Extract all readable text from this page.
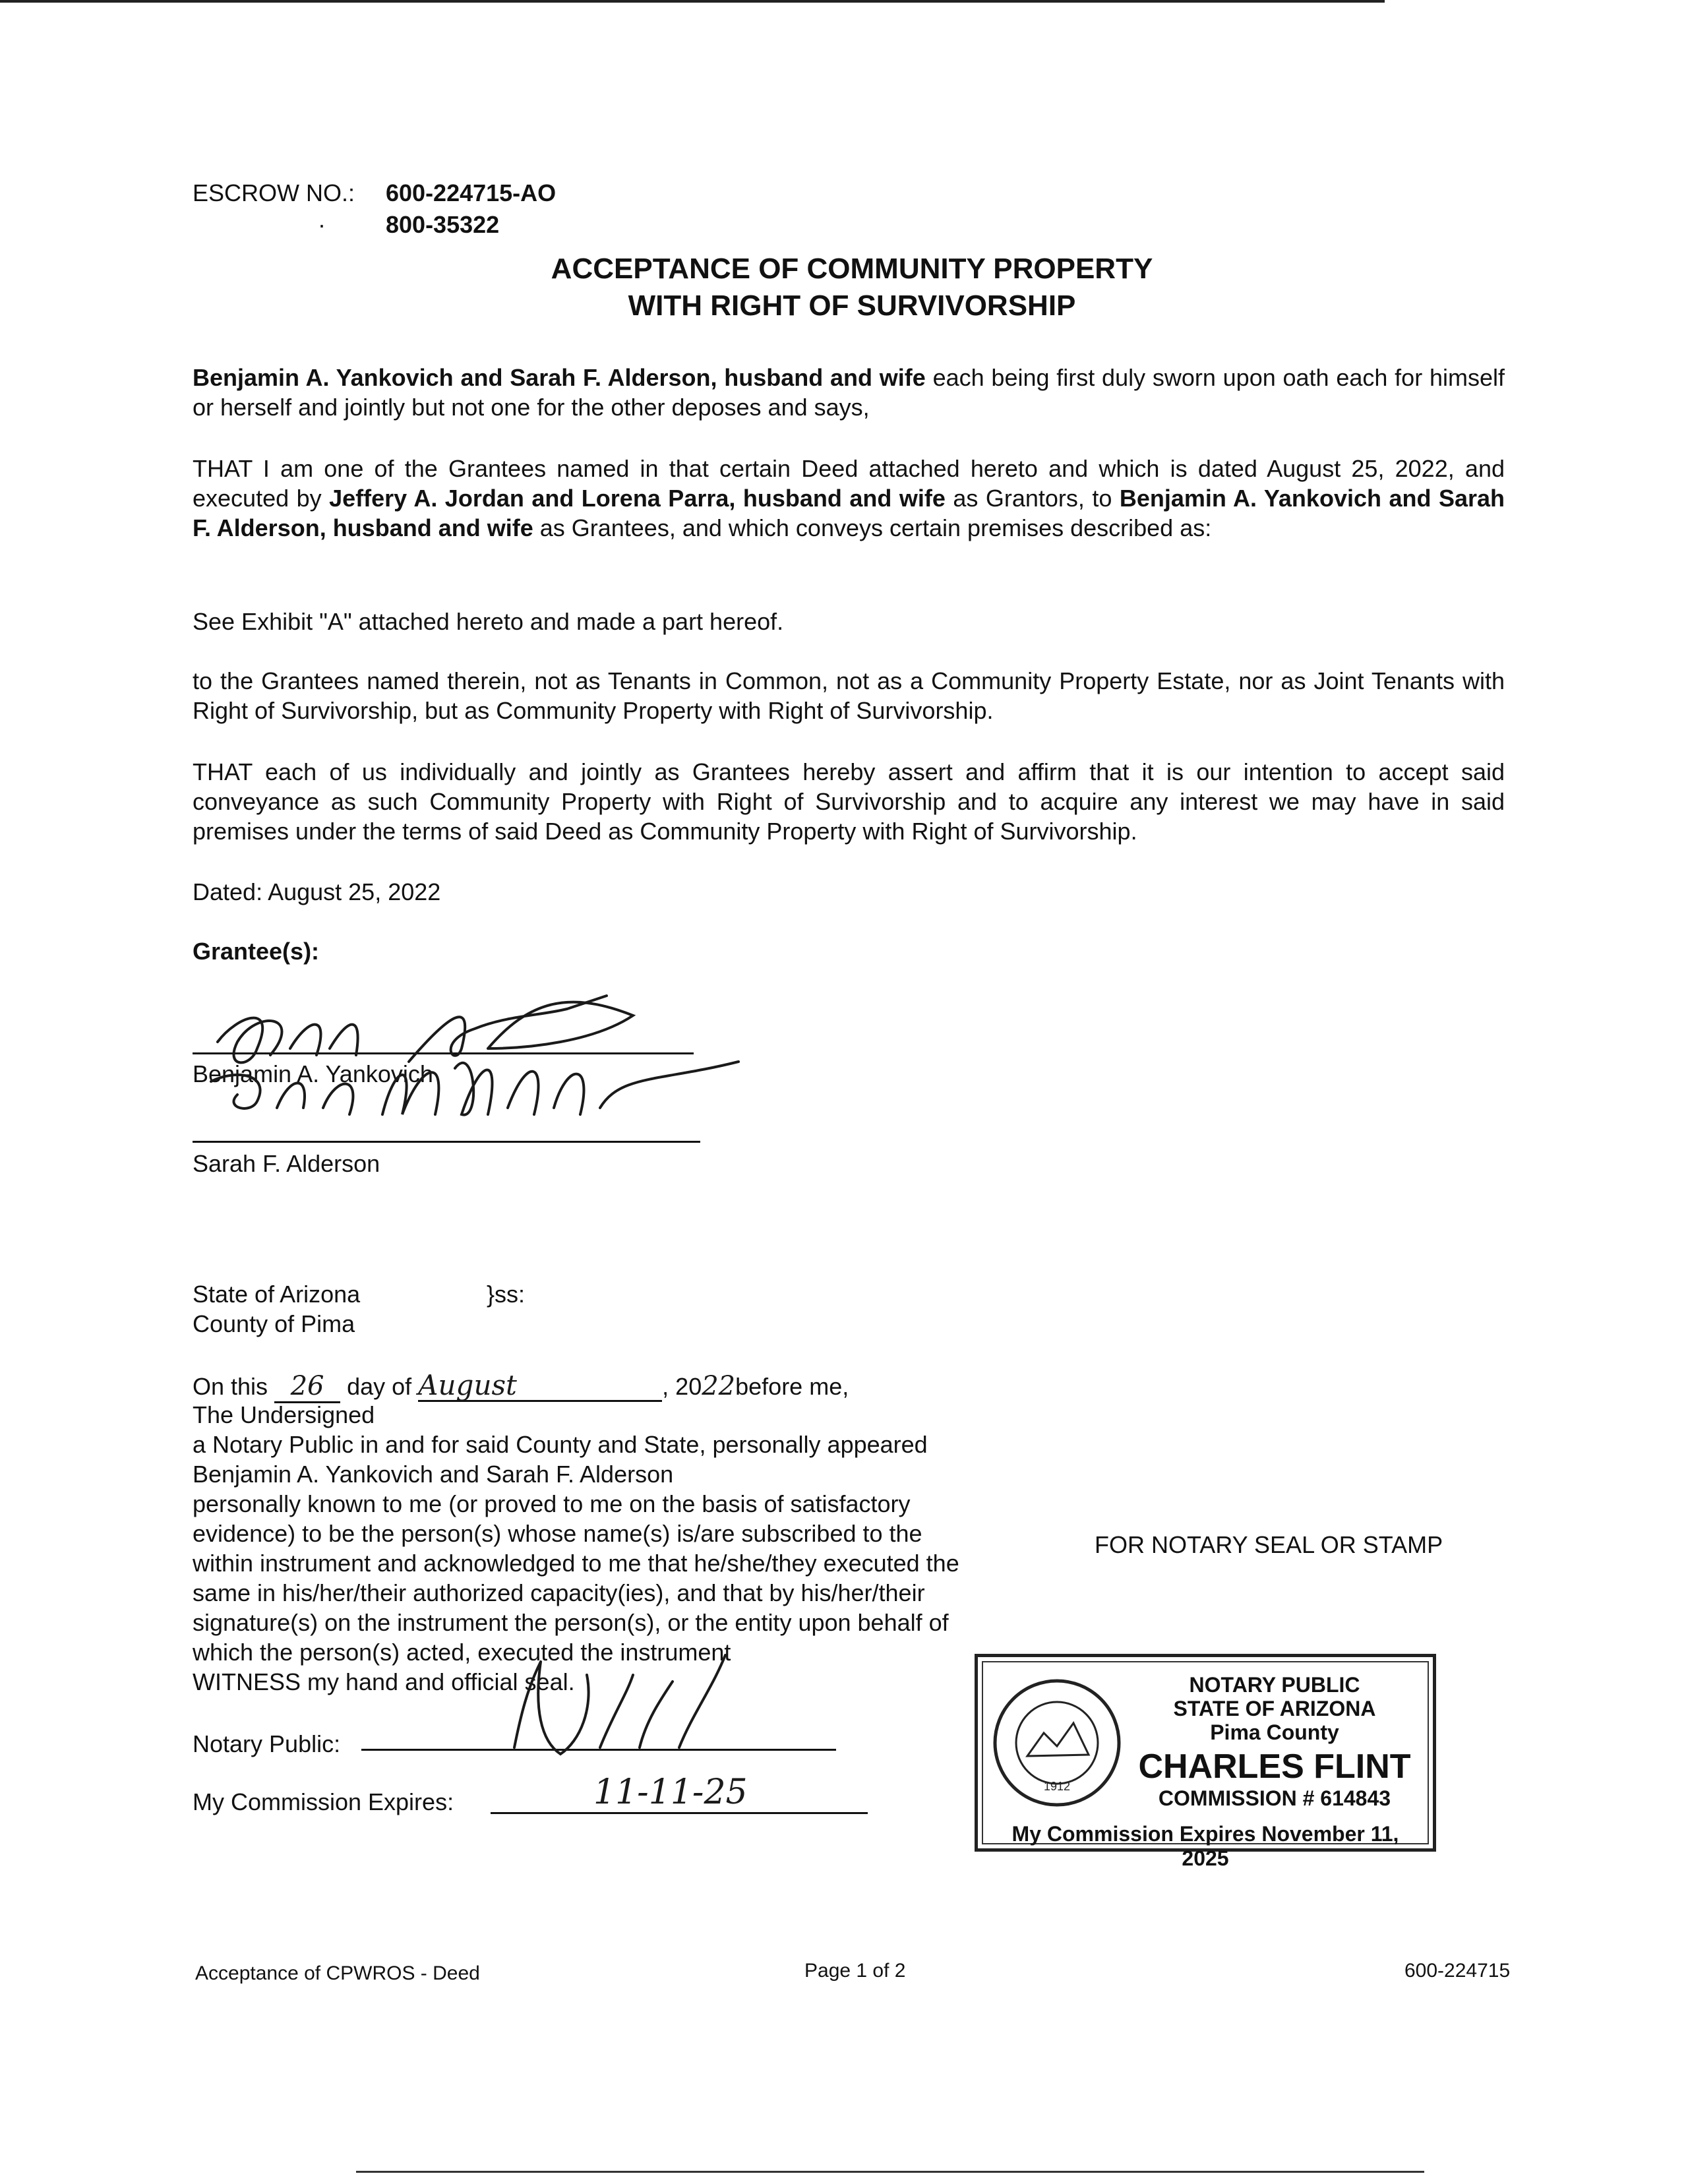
ESCROW NO.: 600-224715-AO
·	800-35322
ACCEPTANCE OF COMMUNITY PROPERTY
WITH RIGHT OF SURVIVORSHIP
Benjamin A. Yankovich and Sarah F. Alderson, husband and wife each being first duly sworn upon oath each for himself or herself and jointly but not one for the other deposes and says,
THAT I am one of the Grantees named in that certain Deed attached hereto and which is dated August 25, 2022, and executed by Jeffery A. Jordan and Lorena Parra, husband and wife as Grantors, to Benjamin A. Yankovich and Sarah F. Alderson, husband and wife as Grantees, and which conveys certain premises described as:
See Exhibit "A" attached hereto and made a part hereof.
to the Grantees named therein, not as Tenants in Common, not as a Community Property Estate, nor as Joint Tenants with Right of Survivorship, but as Community Property with Right of Survivorship.
THAT each of us individually and jointly as Grantees hereby assert and affirm that it is our intention to accept said conveyance as such Community Property with Right of Survivorship and to acquire any interest we may have in said premises under the terms of said Deed as Community Property with Right of Survivorship.
Dated: August 25, 2022
Grantee(s):
Benjamin A. Yankovich
Sarah F. Alderson
State of Arizona	}ss:
County of Pima
On this 26 day of August	, 2022before me,
The Undersigned
a Notary Public in and for said County and State, personally appeared
Benjamin A. Yankovich and Sarah F. Alderson
personally known to me (or proved to me on the basis of satisfactory
evidence) to be the person(s) whose name(s) is/are subscribed to the
within instrument and acknowledged to me that he/she/they executed the
same in his/her/their authorized capacity(ies), and that by his/her/their
signature(s) on the instrument the person(s), or the entity upon behalf of
which the person(s) acted, executed the instrument
WITNESS my hand and official seal.
Notary Public:
My Commission Expires:	11-11-25
FOR NOTARY SEAL OR STAMP
1912
NOTARY PUBLIC
STATE OF ARIZONA
Pima County
CHARLES FLINT
COMMISSION # 614843
My Commission Expires November 11, 2025
Acceptance of CPWROS - Deed	Page 1 of 2	600-224715
